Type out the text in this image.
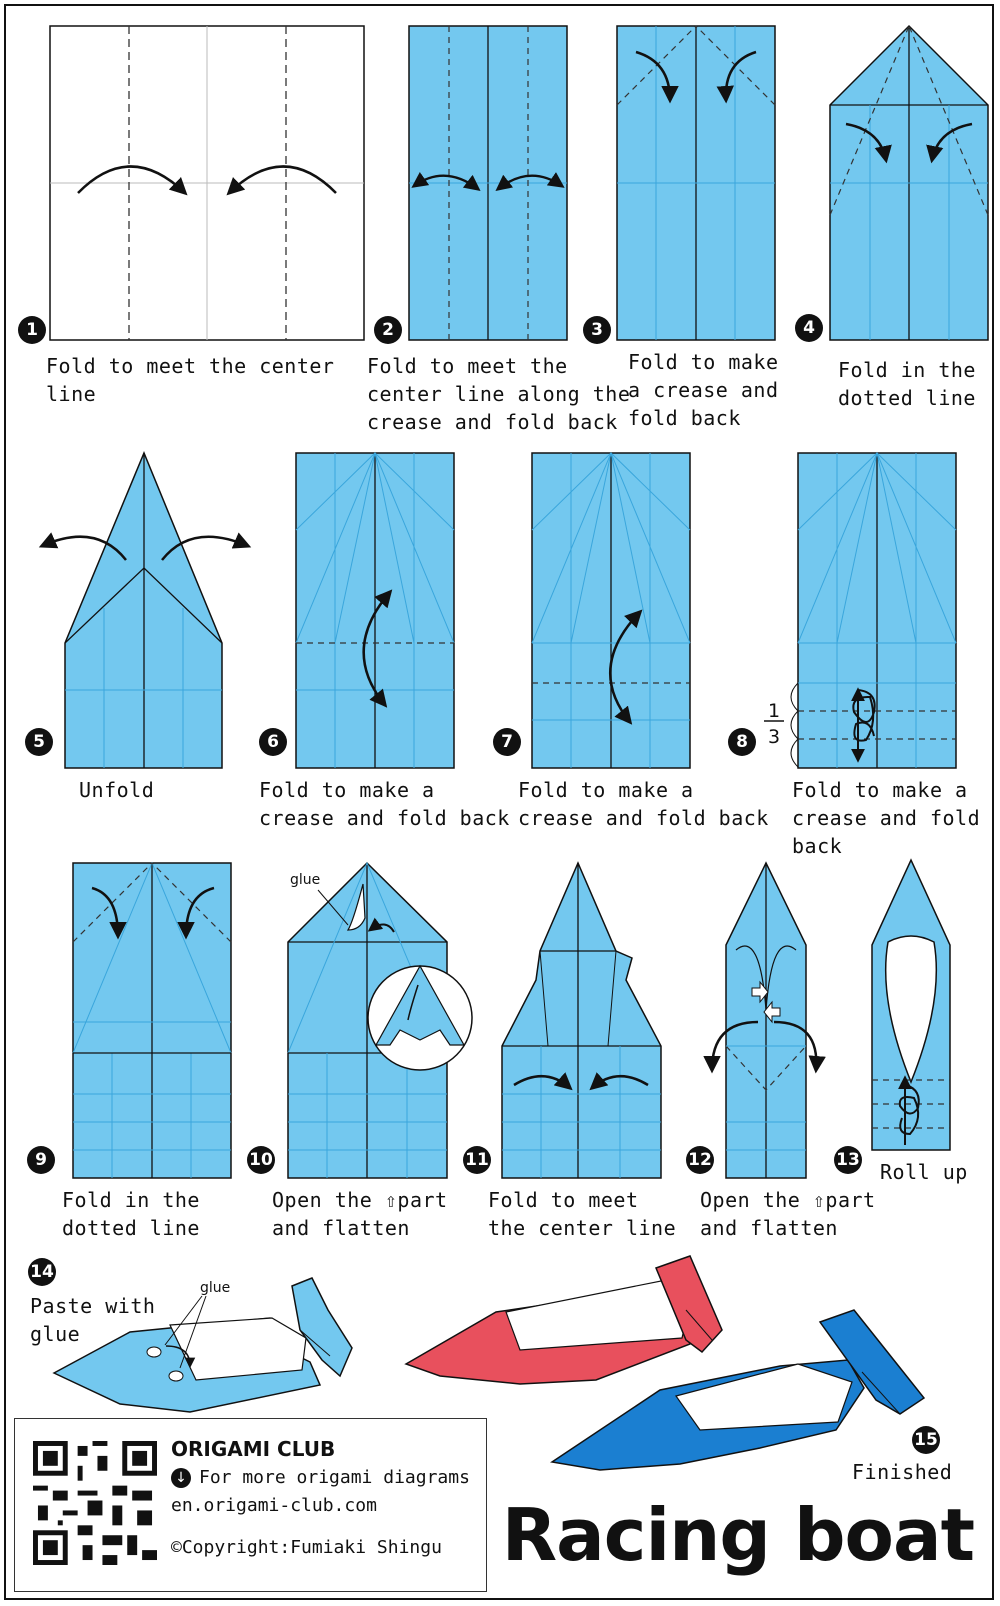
1	2	3	4
5	6	7	8
9	10	11	12	13
14
15
Fold to meet the center
line
Fold to meet the
center line along the
crease and fold back
Fold to make
a crease and
fold back
Fold in the
dotted line
Unfold	Fold to make a
crease and fold back
Fold to make a
crease and fold back
Fold to make a
crease and fold
back
Fold in the
dotted line
Open the ⇧part
and flatten
Fold to meet
the center line
Open the ⇧part
and flatten
Roll up
Paste with
glue
Finished
glue
glue
1
3
ORIGAMI CLUB
↓ For more origami diagrams
en.origami-club.com
©Copyright:Fumiaki Shingu Racing boat
